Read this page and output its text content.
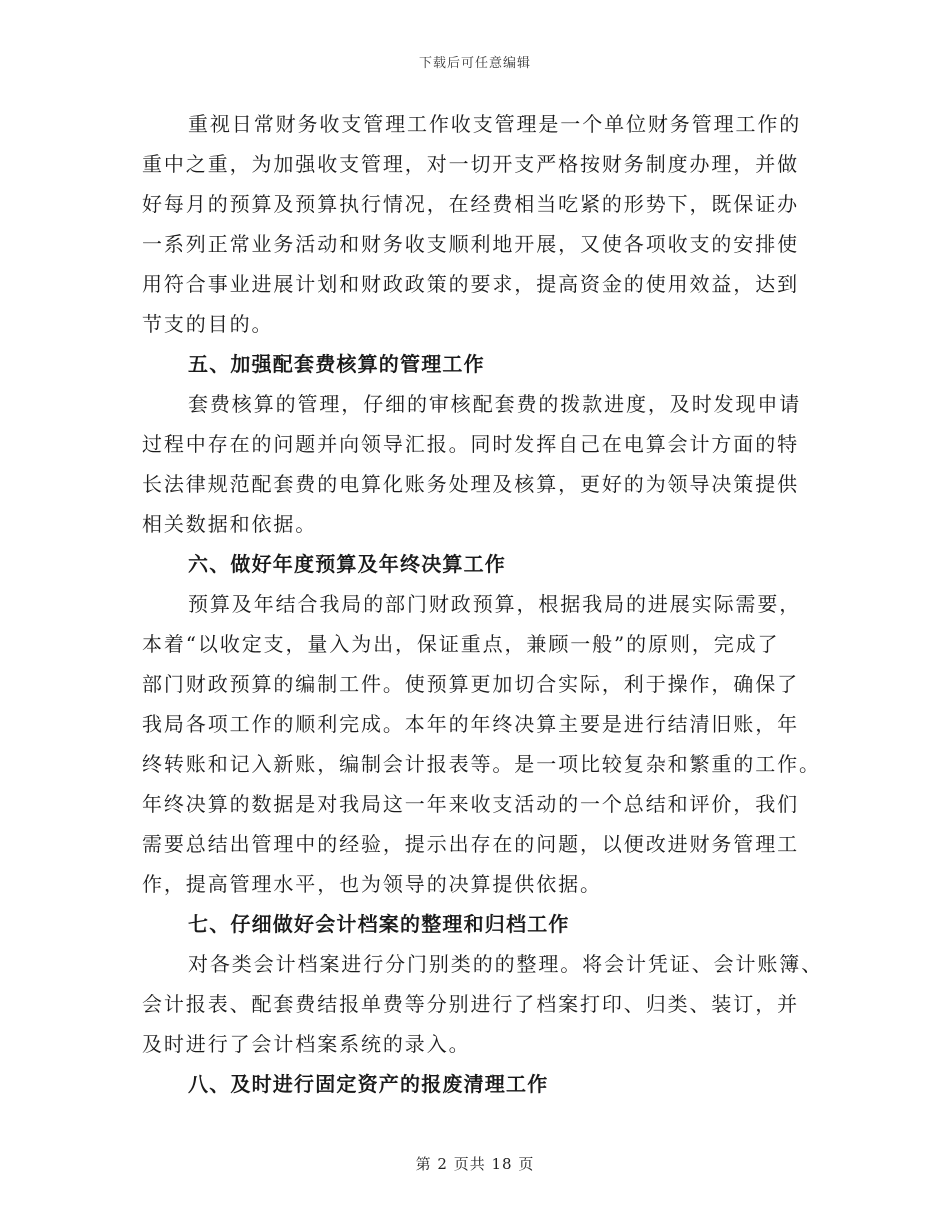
下载后可任意编辑
重视日常财务收支管理工作收支管理是一个单位财务管理工作的
重中之重，为加强收支管理，对一切开支严格按财务制度办理，并做
好每月的预算及预算执行情况，在经费相当吃紧的形势下，既保证办
一系列正常业务活动和财务收支顺利地开展，又使各项收支的安排使
用符合事业进展计划和财政政策的要求，提高资金的使用效益，达到
节支的目的。
五、加强配套费核算的管理工作
套费核算的管理，仔细的审核配套费的拨款进度，及时发现申请
过程中存在的问题并向领导汇报。同时发挥自己在电算会计方面的特
长法律规范配套费的电算化账务处理及核算，更好的为领导决策提供
相关数据和依据。
六、做好年度预算及年终决算工作
预算及年结合我局的部门财政预算，根据我局的进展实际需要，
本着“以收定支，量入为出，保证重点，兼顾一般”的原则，完成了
部门财政预算的编制工件。使预算更加切合实际，利于操作，确保了
我局各项工作的顺利完成。本年的年终决算主要是进行结清旧账，年
终转账和记入新账，编制会计报表等。是一项比较复杂和繁重的工作。
年终决算的数据是对我局这一年来收支活动的一个总结和评价，我们
需要总结出管理中的经验，提示出存在的问题，以便改进财务管理工
作，提高管理水平，也为领导的决算提供依据。
七、仔细做好会计档案的整理和归档工作
对各类会计档案进行分门别类的的整理。将会计凭证、会计账簿、
会计报表、配套费结报单费等分别进行了档案打印、归类、装订，并
及时进行了会计档案系统的录入。
八、及时进行固定资产的报废清理工作
第 2 页共 18 页
